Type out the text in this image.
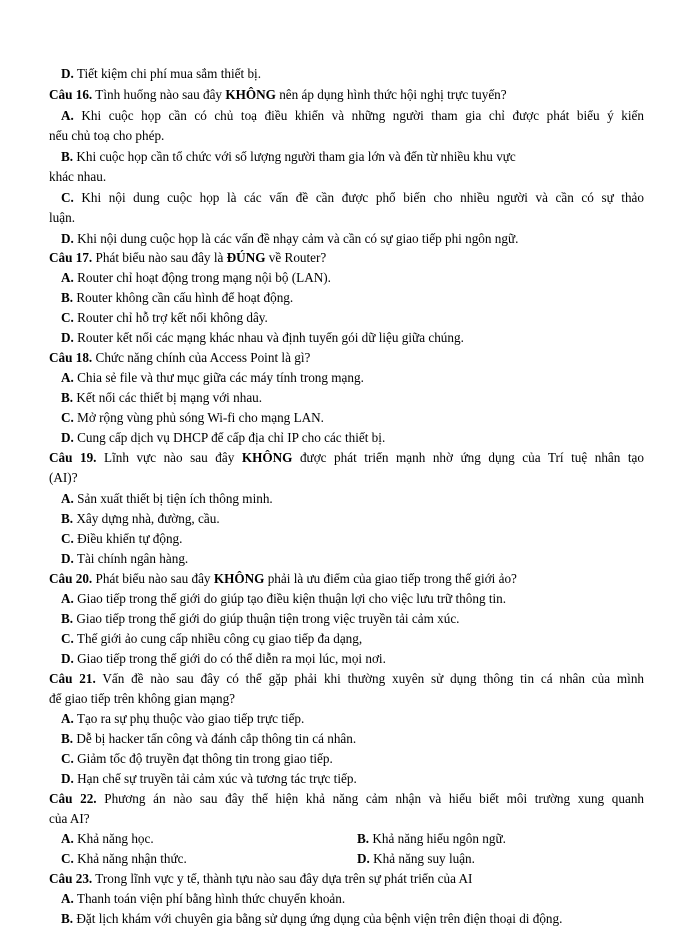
D. Tiết kiệm chi phí mua sắm thiết bị.
Câu 16. Tình huống nào sau đây KHÔNG nên áp dụng hình thức hội nghị trực tuyến?
A. Khi cuộc họp cần có chủ toạ điều khiển và những người tham gia chỉ được phát biểu ý kiến
nếu chủ toạ cho phép.
B. Khi cuộc họp cần tổ chức với số lượng người tham gia lớn và đến từ nhiều khu vực
khác nhau.
C. Khi nội dung cuộc họp là các vấn đề cần được phổ biến cho nhiều người và cần có sự thảo
luận.
D. Khi nội dung cuộc họp là các vấn đề nhạy cảm và cần có sự giao tiếp phi ngôn ngữ.
Câu 17. Phát biểu nào sau đây là ĐÚNG về Router?
A. Router chỉ hoạt động trong mạng nội bộ (LAN).
B. Router không cần cấu hình để hoạt động.
C. Router chỉ hỗ trợ kết nối không dây.
D. Router kết nối các mạng khác nhau và định tuyến gói dữ liệu giữa chúng.
Câu 18. Chức năng chính của Access Point là gì?
A. Chia sẻ file và thư mục giữa các máy tính trong mạng.
B. Kết nối các thiết bị mạng với nhau.
C. Mở rộng vùng phủ sóng Wi-fi cho mạng LAN.
D. Cung cấp dịch vụ DHCP để cấp địa chỉ IP cho các thiết bị.
Câu 19. Lĩnh vực nào sau đây KHÔNG được phát triển mạnh nhờ ứng dụng của Trí tuệ nhân tạo
(AI)?
A. Sản xuất thiết bị tiện ích thông minh.
B. Xây dựng nhà, đường, cầu.
C. Điều khiển tự động.
D. Tài chính ngân hàng.
Câu 20. Phát biểu nào sau đây KHÔNG phải là ưu điểm của giao tiếp trong thế giới ảo?
A. Giao tiếp trong thế giới do giúp tạo điều kiện thuận lợi cho việc lưu trữ thông tin.
B. Giao tiếp trong thế giới do giúp thuận tiện trong việc truyền tải cảm xúc.
C. Thế giới ảo cung cấp nhiều công cụ giao tiếp đa dạng,
D. Giao tiếp trong thế giới do có thể diễn ra mọi lúc, mọi nơi.
Câu 21. Vấn đề nào sau đây có thể gặp phải khi thường xuyên sử dụng thông tin cá nhân của mình
để giao tiếp trên không gian mạng?
A. Tạo ra sự phụ thuộc vào giao tiếp trực tiếp.
B. Dễ bị hacker tấn công và đánh cắp thông tin cá nhân.
C. Giảm tốc độ truyền đạt thông tin trong giao tiếp.
D. Hạn chế sự truyền tải cảm xúc và tương tác trực tiếp.
Câu 22. Phương án nào sau đây thể hiện khả năng cảm nhận và hiểu biết môi trường xung quanh
của AI?
A. Khả năng học.	B. Khả năng hiểu ngôn ngữ.
C. Khả năng nhận thức.	D. Khả năng suy luận.
Câu 23. Trong lĩnh vực y tế, thành tựu nào sau đây dựa trên sự phát triển của AI
A. Thanh toán viện phí bằng hình thức chuyển khoản.
B. Đặt lịch khám với chuyên gia bằng sử dụng ứng dụng của bệnh viện trên điện thoại di động.
